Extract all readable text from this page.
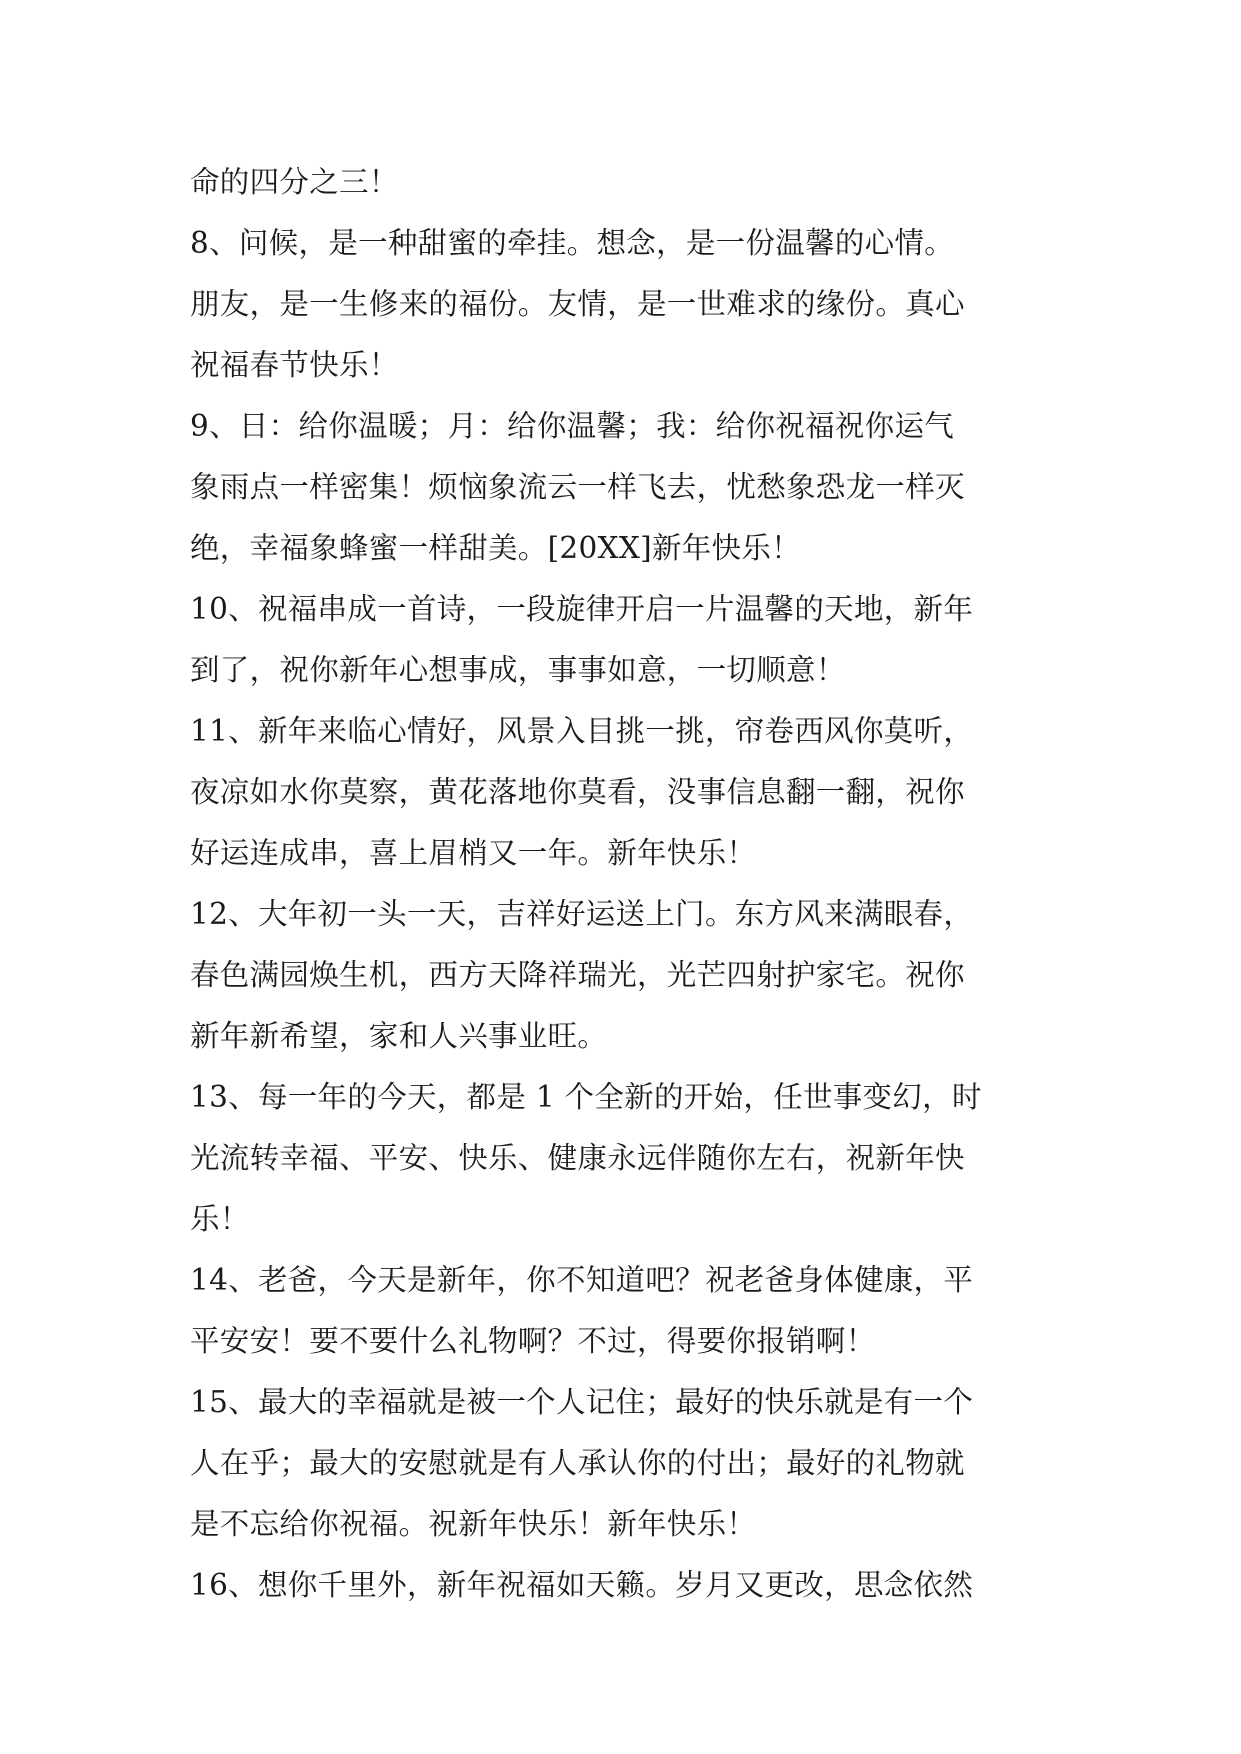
命的四分之三！
8、问候，是一种甜蜜的牵挂。想念，是一份温馨的心情。
朋友，是一生修来的福份。友情，是一世难求的缘份。真心
祝福春节快乐！
9、日：给你温暖；月：给你温馨；我：给你祝福祝你运气
象雨点一样密集！烦恼象流云一样飞去，忧愁象恐龙一样灭
绝，幸福象蜂蜜一样甜美。[20XX]新年快乐！
10、祝福串成一首诗，一段旋律开启一片温馨的天地，新年
到了，祝你新年心想事成，事事如意，一切顺意！
11、新年来临心情好，风景入目挑一挑，帘卷西风你莫听，
夜凉如水你莫察，黄花落地你莫看，没事信息翻一翻，祝你
好运连成串，喜上眉梢又一年。新年快乐！
12、大年初一头一天，吉祥好运送上门。东方风来满眼春，
春色满园焕生机，西方天降祥瑞光，光芒四射护家宅。祝你
新年新希望，家和人兴事业旺。
13、每一年的今天，都是 1 个全新的开始，任世事变幻，时
光流转幸福、平安、快乐、健康永远伴随你左右，祝新年快
乐！
14、老爸，今天是新年，你不知道吧？祝老爸身体健康，平
平安安！要不要什么礼物啊？不过，得要你报销啊！
15、最大的幸福就是被一个人记住；最好的快乐就是有一个
人在乎；最大的安慰就是有人承认你的付出；最好的礼物就
是不忘给你祝福。祝新年快乐！新年快乐！
16、想你千里外，新年祝福如天籁。岁月又更改，思念依然
